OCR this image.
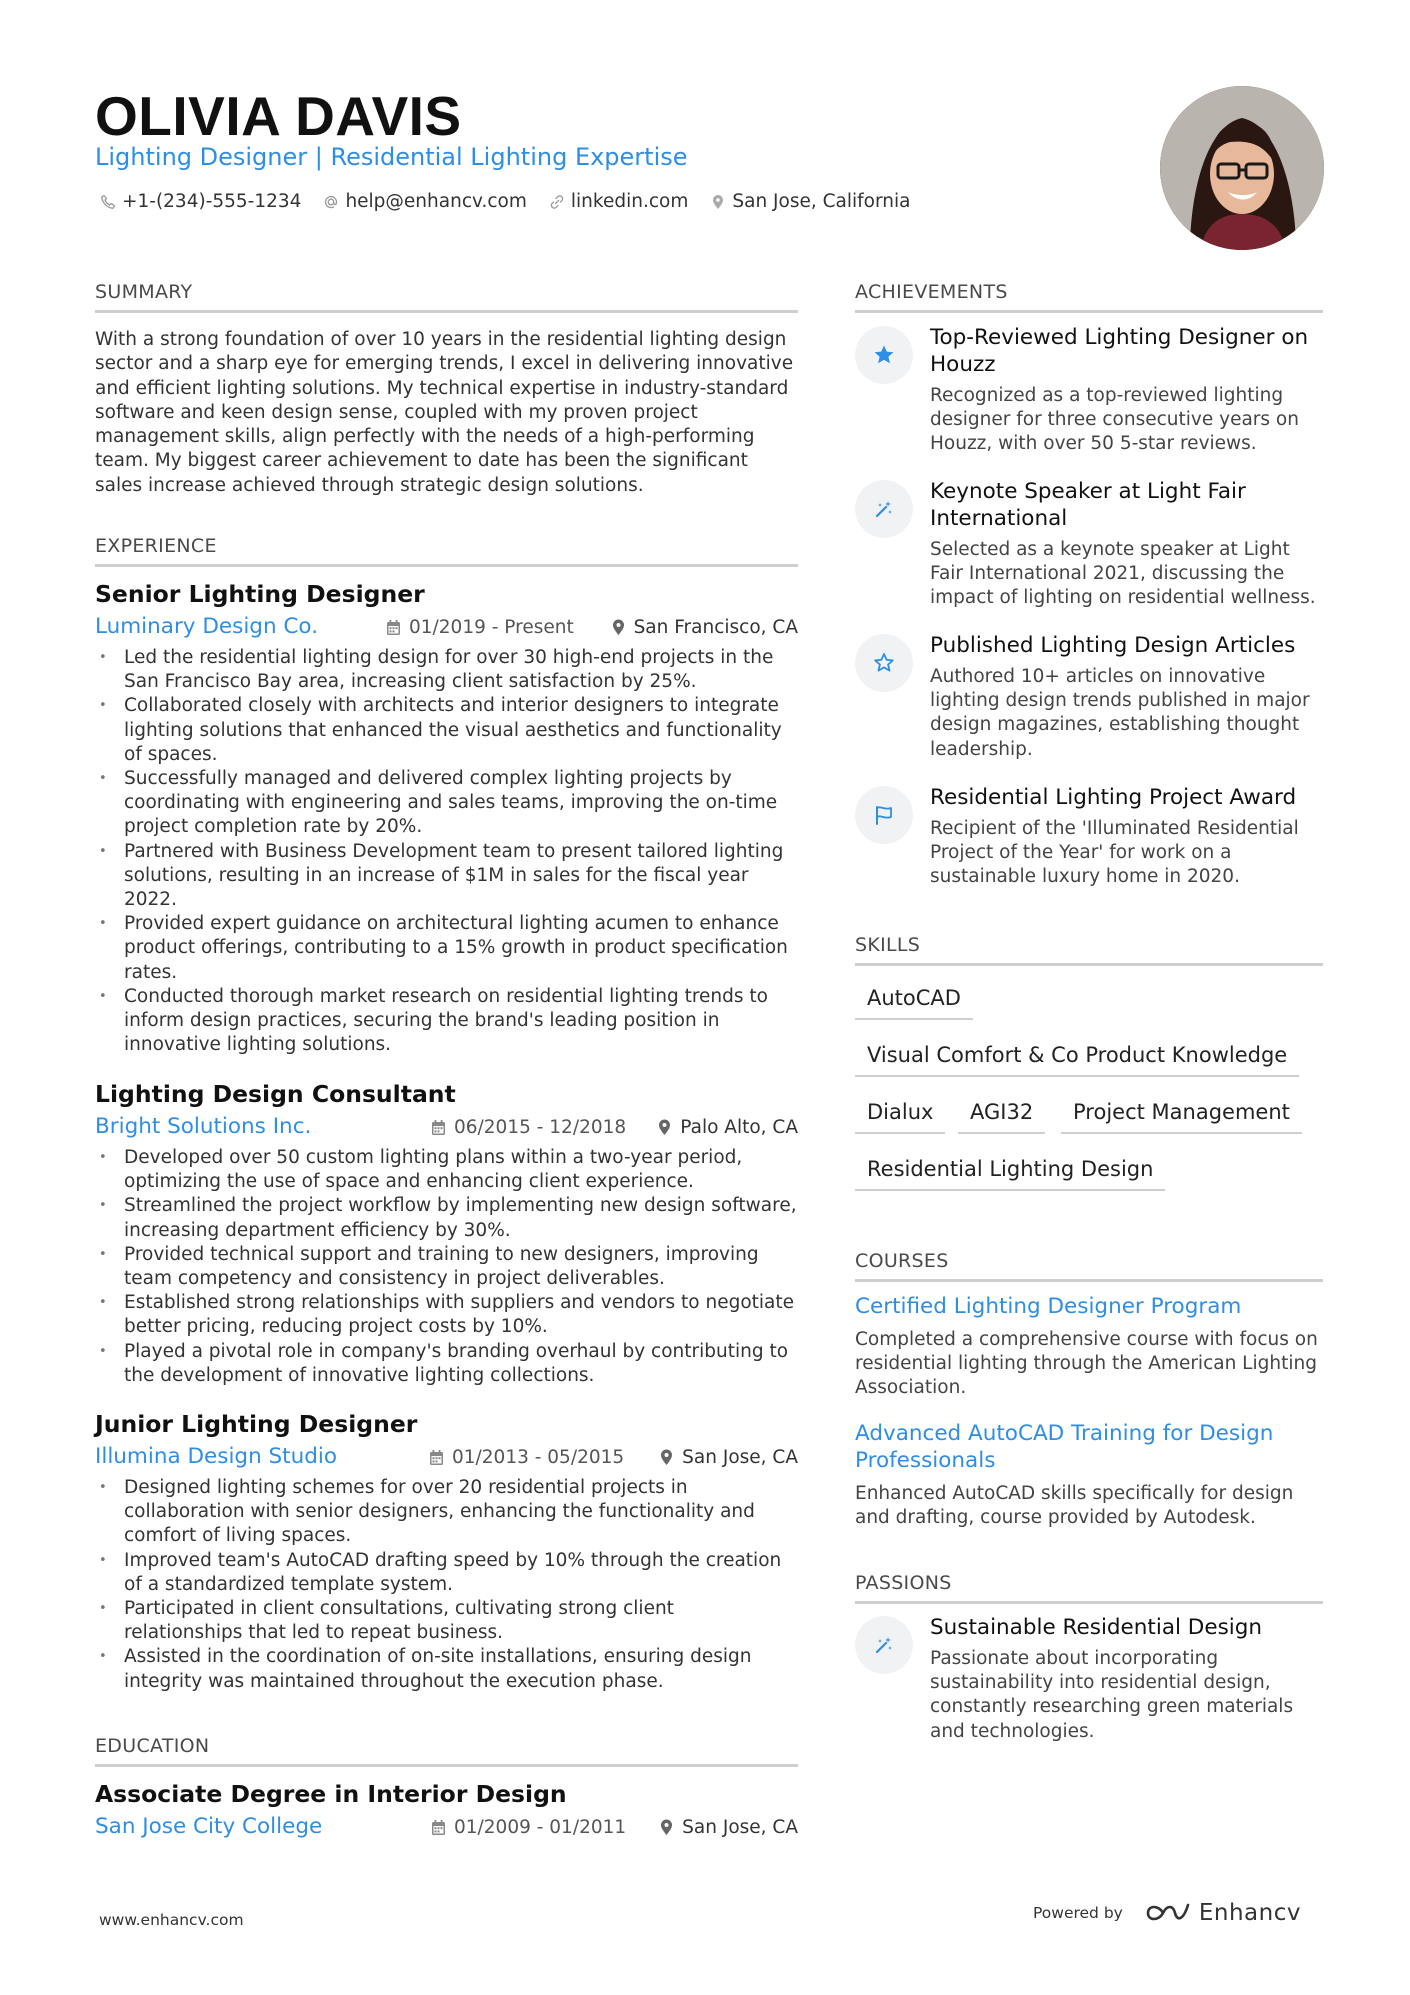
OLIVIA DAVIS
Lighting Designer | Residential Lighting Expertise
+1-(234)-555-1234 help@enhancv.com linkedin.com San Jose, California
SUMMARY

With a strong foundation of over 10 years in the residential lighting design sector and a sharp eye for emerging trends, I excel in delivering innovative and efficient lighting solutions. My technical expertise in industry-standard software and keen design sense, coupled with my proven project management skills, align perfectly with the needs of a high-performing team. My biggest career achievement to date has been the significant sales increase achieved through strategic design solutions.

EXPERIENCE
Senior Lighting Designer
Luminary Design Co.	01/2019 - Present	San Francisco, CA
• Led the residential lighting design for over 30 high-end projects in the San Francisco Bay area, increasing client satisfaction by 25%.
• Collaborated closely with architects and interior designers to integrate lighting solutions that enhanced the visual aesthetics and functionality of spaces.
• Successfully managed and delivered complex lighting projects by coordinating with engineering and sales teams, improving the on-time project completion rate by 20%.
• Partnered with Business Development team to present tailored lighting solutions, resulting in an increase of $1M in sales for the fiscal year 2022.
• Provided expert guidance on architectural lighting acumen to enhance product offerings, contributing to a 15% growth in product specification rates.
• Conducted thorough market research on residential lighting trends to inform design practices, securing the brand's leading position in innovative lighting solutions.
Lighting Design Consultant
Bright Solutions Inc.	06/2015 - 12/2018	Palo Alto, CA
• Developed over 50 custom lighting plans within a two-year period, optimizing the use of space and enhancing client experience.
• Streamlined the project workflow by implementing new design software, increasing department efficiency by 30%.
• Provided technical support and training to new designers, improving team competency and consistency in project deliverables.
• Established strong relationships with suppliers and vendors to negotiate better pricing, reducing project costs by 10%.
• Played a pivotal role in company's branding overhaul by contributing to the development of innovative lighting collections.
Junior Lighting Designer
Illumina Design Studio	01/2013 - 05/2015	San Jose, CA
• Designed lighting schemes for over 20 residential projects in collaboration with senior designers, enhancing the functionality and comfort of living spaces.
• Improved team's AutoCAD drafting speed by 10% through the creation of a standardized template system.
• Participated in client consultations, cultivating strong client relationships that led to repeat business.
• Assisted in the coordination of on-site installations, ensuring design integrity was maintained throughout the execution phase.
EDUCATION
Associate Degree in Interior Design
San Jose City College	01/2009 - 01/2011	San Jose, CA
ACHIEVEMENTS
Top-Reviewed Lighting Designer on Houzz
Recognized as a top-reviewed lighting designer for three consecutive years on Houzz, with over 50 5-star reviews.
Keynote Speaker at Light Fair International
Selected as a keynote speaker at Light Fair International 2021, discussing the impact of lighting on residential wellness.
Published Lighting Design Articles
Authored 10+ articles on innovative lighting design trends published in major design magazines, establishing thought leadership.
Residential Lighting Project Award
Recipient of the 'Illuminated Residential Project of the Year' for work on a sustainable luxury home in 2020.
SKILLS
AutoCAD
Visual Comfort & Co Product Knowledge
Dialux	AGI32	Project Management
Residential Lighting Design
COURSES
Certified Lighting Designer Program
Completed a comprehensive course with focus on residential lighting through the American Lighting Association.
Advanced AutoCAD Training for Design Professionals
Enhanced AutoCAD skills specifically for design and drafting, course provided by Autodesk.
PASSIONS
Sustainable Residential Design
Passionate about incorporating sustainability into residential design, constantly researching green materials and technologies.
www.enhancv.com	Powered by	Enhancv
